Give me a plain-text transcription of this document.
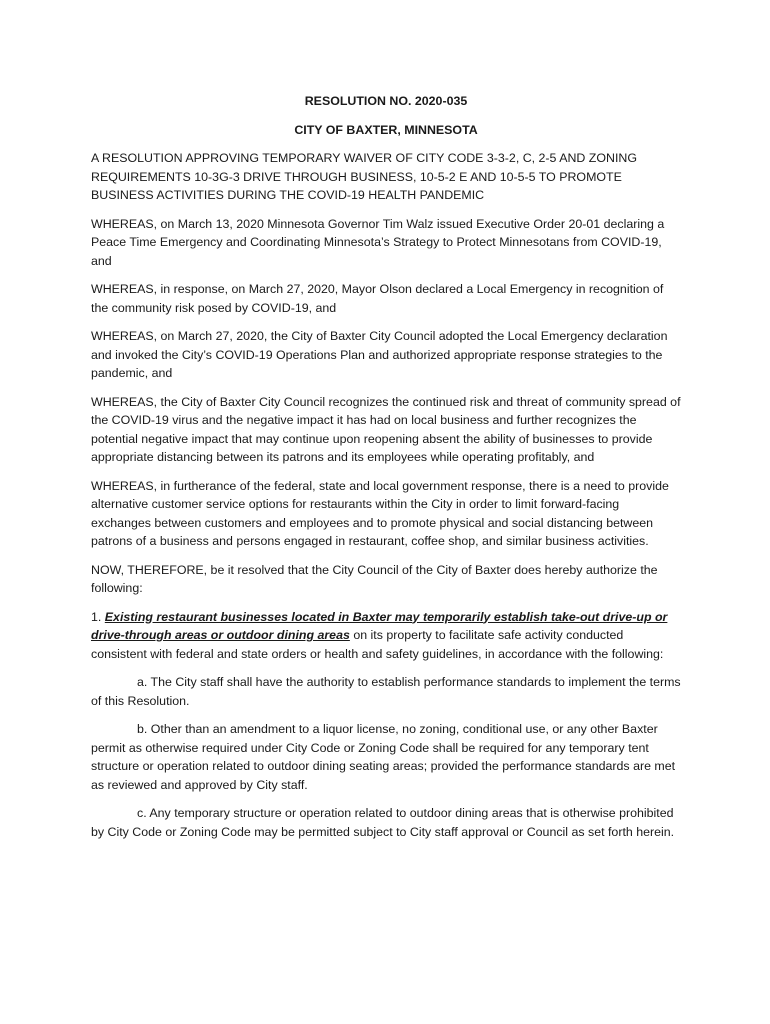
RESOLUTION NO. 2020-035

CITY OF BAXTER, MINNESOTA

A RESOLUTION APPROVING TEMPORARY WAIVER OF CITY CODE 3-3-2, C, 2-5 AND ZONING REQUIREMENTS 10-3G-3 DRIVE THROUGH BUSINESS, 10-5-2 E AND 10-5-5 TO PROMOTE BUSINESS ACTIVITIES DURING THE COVID-19 HEALTH PANDEMIC

WHEREAS, on March 13, 2020 Minnesota Governor Tim Walz issued Executive Order 20-01 declaring a Peace Time Emergency and Coordinating Minnesota’s Strategy to Protect Minnesotans from COVID-19, and

WHEREAS, in response, on March 27, 2020, Mayor Olson declared a Local Emergency in recognition of the community risk posed by COVID-19, and

WHEREAS, on March 27, 2020, the City of Baxter City Council adopted the Local Emergency declaration and invoked the City’s COVID-19 Operations Plan and authorized appropriate response strategies to the pandemic, and

WHEREAS, the City of Baxter City Council recognizes the continued risk and threat of community spread of the COVID-19 virus and the negative impact it has had on local business and further recognizes the potential negative impact that may continue upon reopening absent the ability of businesses to provide appropriate distancing between its patrons and its employees while operating profitably, and

WHEREAS, in furtherance of the federal, state and local government response, there is a need to provide alternative customer service options for restaurants within the City in order to limit forward-facing exchanges between customers and employees and to promote physical and social distancing between patrons of a business and persons engaged in restaurant, coffee shop, and similar business activities.

NOW, THEREFORE, be it resolved that the City Council of the City of Baxter does hereby authorize the following:

1. Existing restaurant businesses located in Baxter may temporarily establish take-out drive-up or drive-through areas or outdoor dining areas on its property to facilitate safe activity conducted consistent with federal and state orders or health and safety guidelines, in accordance with the following:

a. The City staff shall have the authority to establish performance standards to implement the terms of this Resolution.

b. Other than an amendment to a liquor license, no zoning, conditional use, or any other Baxter permit as otherwise required under City Code or Zoning Code shall be required for any temporary tent structure or operation related to outdoor dining seating areas; provided the performance standards are met as reviewed and approved by City staff.

c. Any temporary structure or operation related to outdoor dining areas that is otherwise prohibited by City Code or Zoning Code may be permitted subject to City staff approval or Council as set forth herein.
